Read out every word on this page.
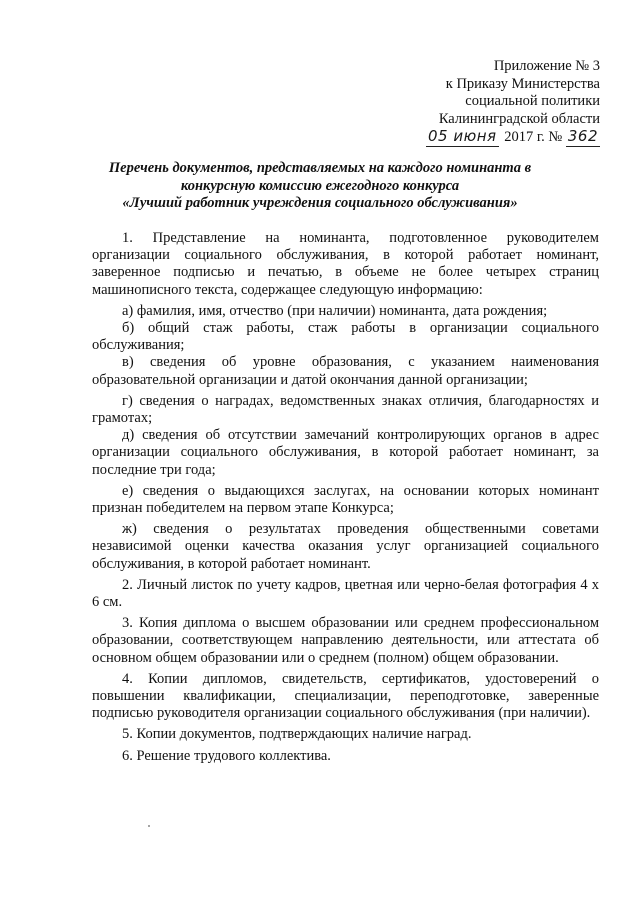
Приложение № 3
к Приказу Министерства
социальной политики
Калининградской области
05 июня 2017 г. № 362
Перечень документов, представляемых на каждого номинанта в
конкурсную комиссию ежегодного конкурса
«Лучший работник учреждения социального обслуживания»

1. Представление на номинанта, подготовленное руководителем организации социального обслуживания, в которой работает номинант, заверенное подписью и печатью, в объеме не более четырех страниц машинописного текста, содержащее следующую информацию:

а) фамилия, имя, отчество (при наличии) номинанта, дата рождения;

б) общий стаж работы, стаж работы в организации социального обслуживания;

в) сведения об уровне образования, с указанием наименования образовательной организации и датой окончания данной организации;

г) сведения о наградах, ведомственных знаках отличия, благодарностях и грамотах;

д) сведения об отсутствии замечаний контролирующих органов в адрес организации социального обслуживания, в которой работает номинант, за последние три года;

е) сведения о выдающихся заслугах, на основании которых номинант признан победителем на первом этапе Конкурса;

ж) сведения о результатах проведения общественными советами независимой оценки качества оказания услуг организацией социального обслуживания, в которой работает номинант.

2. Личный листок по учету кадров, цветная или черно-белая фотография 4 х 6 см.

3. Копия диплома о высшем образовании или среднем профессиональном образовании, соответствующем направлению деятельности, или аттестата об основном общем образовании или о среднем (полном) общем образовании.

4. Копии дипломов, свидетельств, сертификатов, удостоверений о повышении квалификации, специализации, переподготовке, заверенные подписью руководителя организации социального обслуживания (при наличии).

5. Копии документов, подтверждающих наличие наград.

6. Решение трудового коллектива.
